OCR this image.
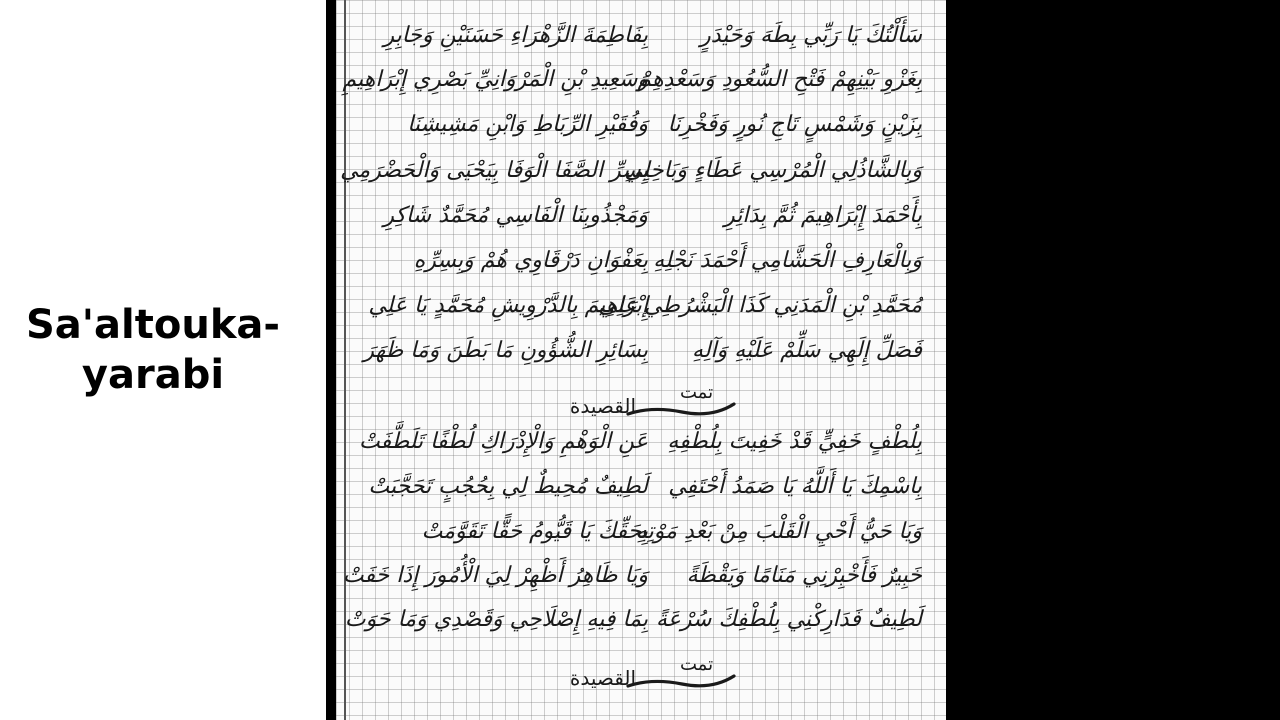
Sa'altouka-
yarabi
سَأَلْتُكَ يَا رَبِّي بِطَهَ وَحَيْدَرٍ
بِفَاطِمَةَ الزَّهْرَاءِ حَسَنَيْنِ وَجَابِرِ
بِغَزْوِ بَيْنِهِمْ فَتْحِ السُّعُودِ وَسَعْدِهِمْ
وَسَعِيدِ بْنِ الْمَرْوَانِيِّ بَصْرِي إِبْرَاهِيمِ
بِزَيْنٍ وَشَمْسٍ تَاجِ نُورٍ وَفَخْرِنَا
وَفُقَيْرِ الرِّبَاطِ وَابْنِ مَشِيشِنَا
وَبِالشَّاذُلِي الْمُرْسِي عَطَاءٍ وَبَاخِلِي
بِسِرِّ الصَّفَا الْوَفَا بِيَحْيَى وَالْحَضْرَمِي
بِأَحْمَدَ إِبْرَاهِيمَ ثُمَّ بِدَائِرِ
وَمَجْذُوبِنَا الْفَاسِي مُحَمَّدٌ شَاكِرِ
وَبِالْعَارِفِ الْحَشَّامِي أَحْمَدَ نَجْلِهِ
بِعَفْوَانِ دَرْقَاوِي هُمْ وَبِسِرِّهِ
مُحَمَّدِ بْنِ الْمَدَنِي كَذَا الْيَشْرُطِي عَلِي
إِبْرَاهِيمَ بِالدَّرْوِيشِ مُحَمَّدٍ يَا عَلِي
فَصَلِّ إِلَهِي سَلِّمْ عَلَيْهِ وَآلِهِ
بِسَائِرِ الشُّؤُونِ مَا بَطَنَ وَمَا ظَهَرَ
القصيدة
تمت
بِلُطْفٍ خَفِيٍّ قَدْ خَفِيتَ بِلُطْفِهِ
عَنِ الْوَهْمِ وَالْإِدْرَاكِ لُطْفًا تَلَطَّفَتْ
بِاسْمِكَ يَا أَللَّهُ يَا صَمَدُ أَحْتَفِي
لَطِيفٌ مُحِيطٌ لِي بِحُجُبٍ تَحَجَّبَتْ
وَيَا حَيُّ أَحْيِ الْقَلْبَ مِنْ بَعْدِ مَوْتِهِ
بِحَقِّكَ يَا قَيُّومُ حَقًّا تَقَوَّمَتْ
خَبِيرٌ فَأَخْبِرْنِي مَنَامًا وَيَقْظَةً
وَيَا ظَاهِرُ أَظْهِرْ لِيَ الْأُمُورَ إِذَا خَفَتْ
لَطِيفٌ فَدَارِكْنِي بِلُطْفِكَ سُرْعَةً
بِمَا فِيهِ إِصْلَاحِي وَقَصْدِي وَمَا حَوَتْ
القصيدة
تمت
